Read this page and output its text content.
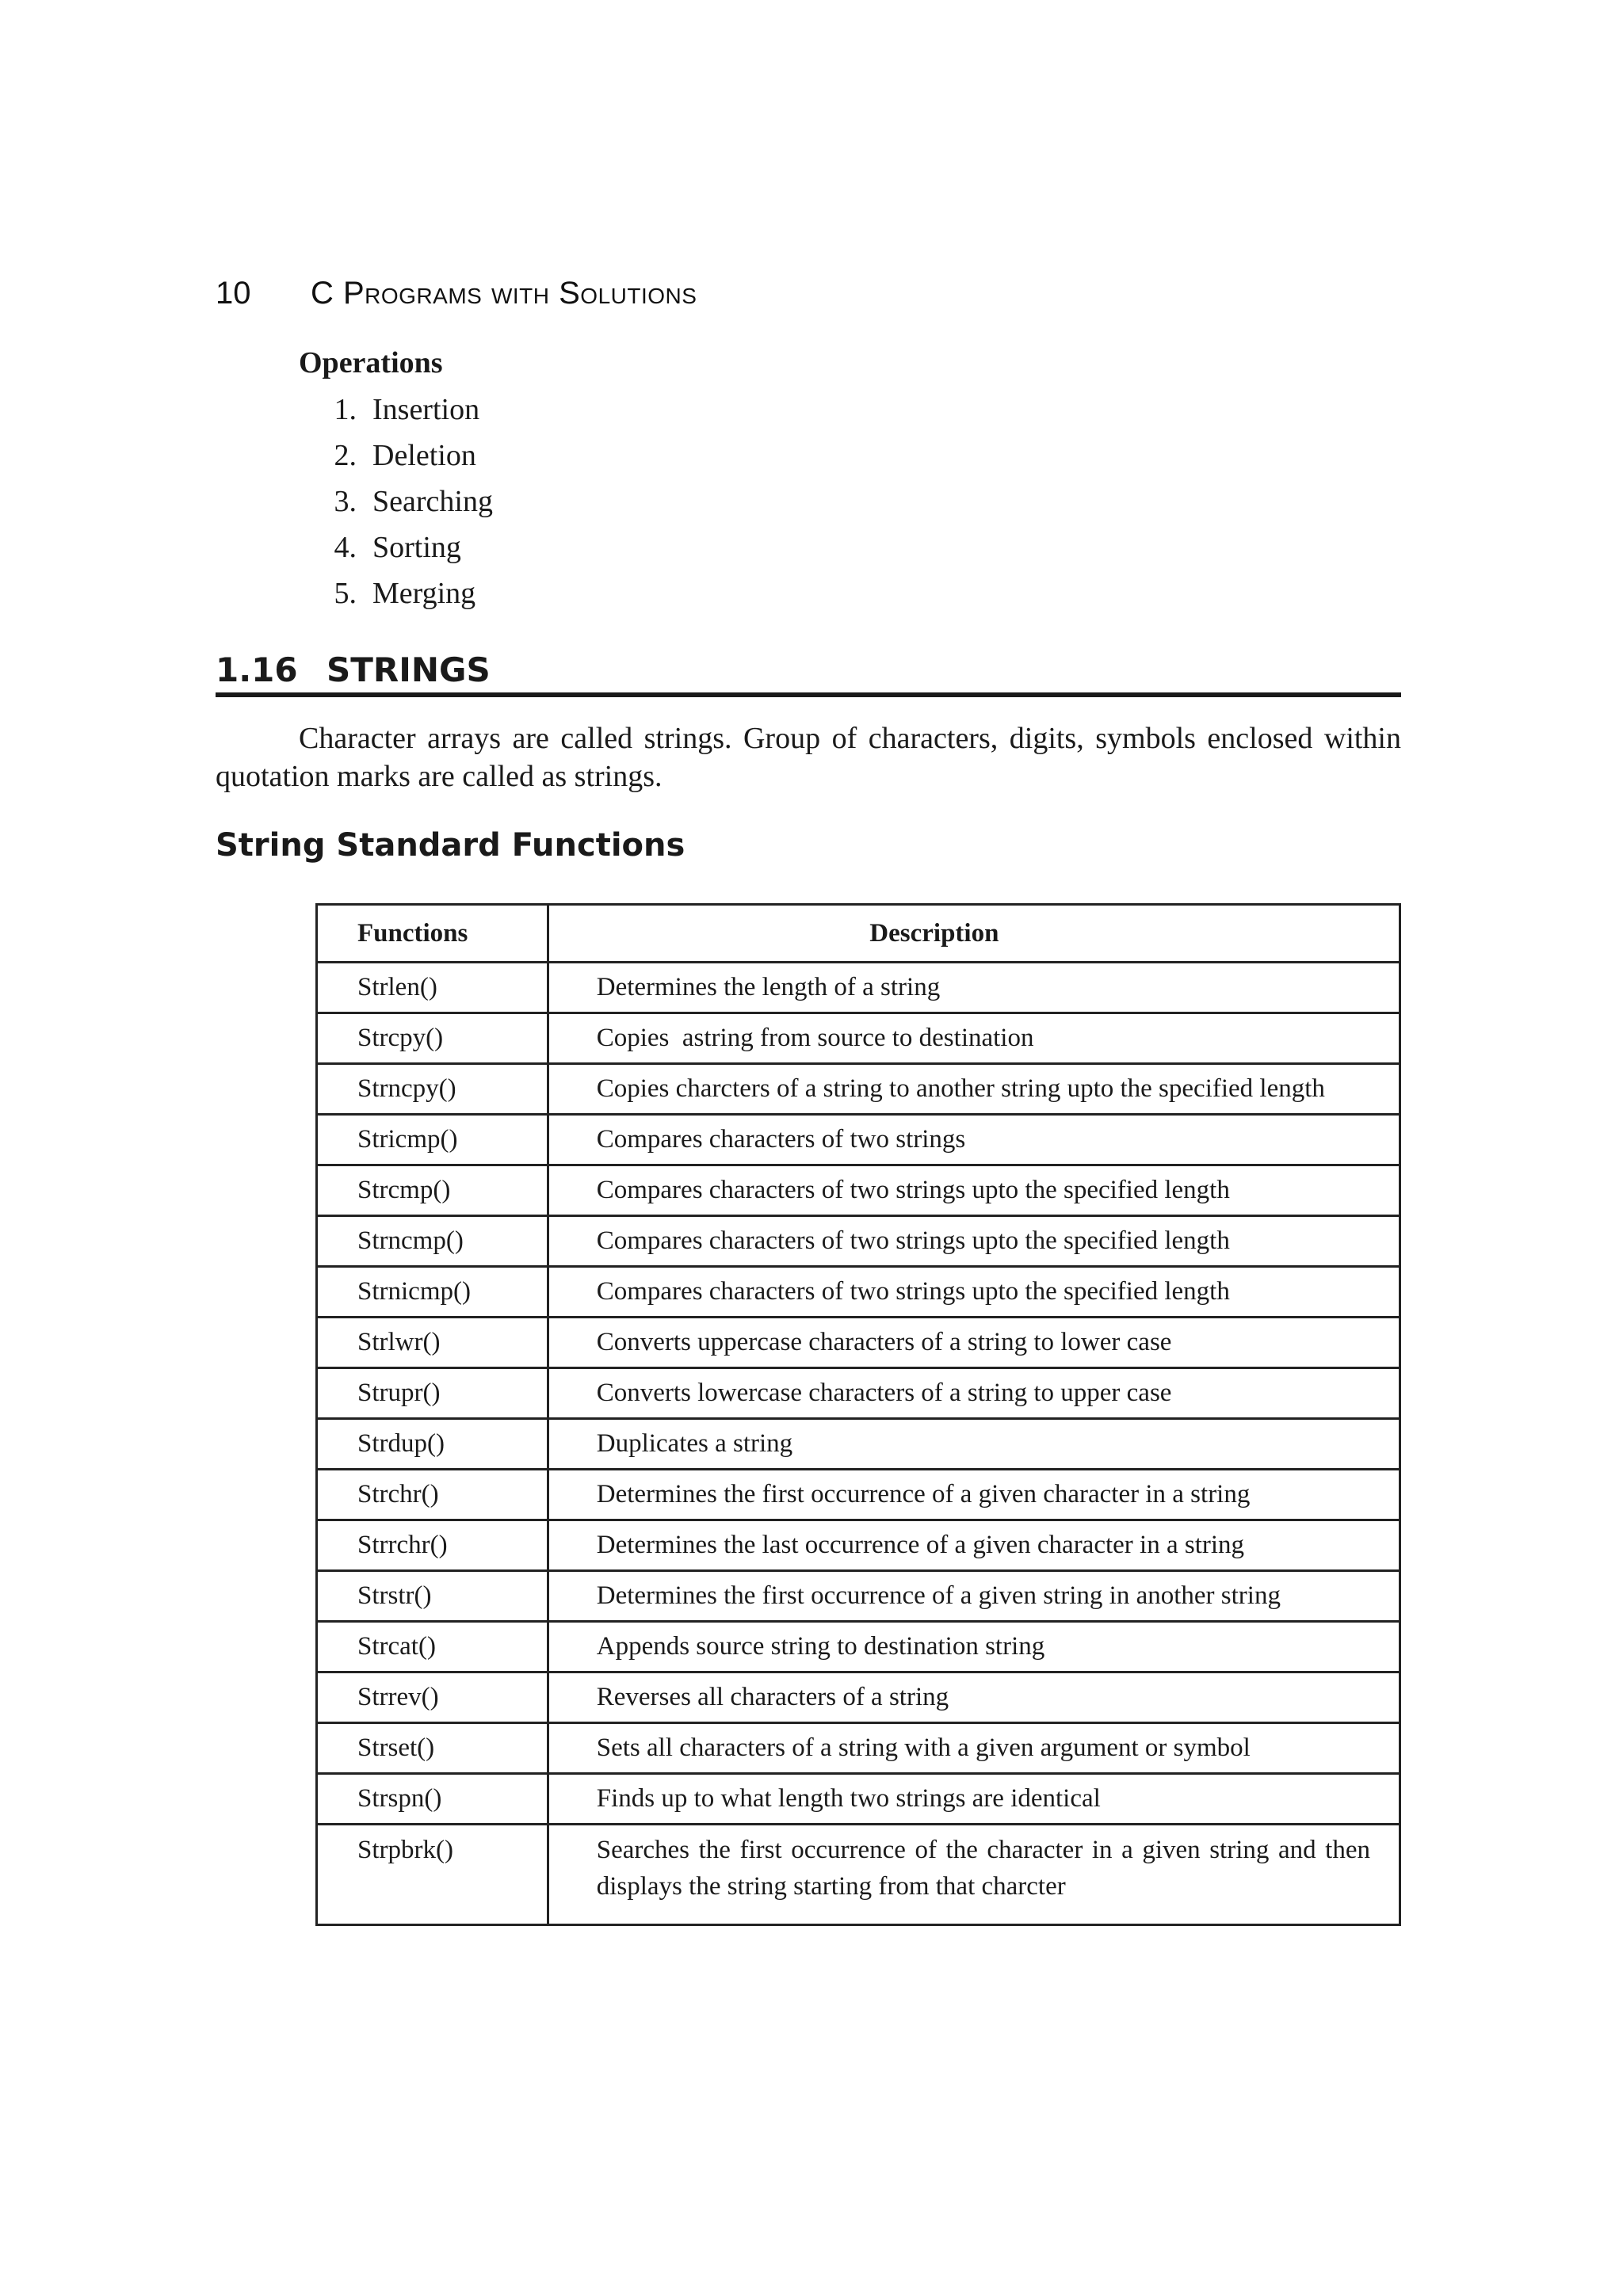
10	C Programs with Solutions
Operations
1. Insertion
2. Deletion
3. Searching
4. Sorting
5. Merging
1.16 STRINGS

Character arrays are called strings. Group of characters, digits, symbols enclosed within quotation marks are called as strings.

String Standard Functions
Functions	Description
Strlen()	Determines the length of a string
Strcpy()	Copies  astring from source to destination
Strncpy()	Copies charcters of a string to another string upto the specified length
Stricmp()	Compares characters of two strings
Strcmp()	Compares characters of two strings upto the specified length
Strncmp()	Compares characters of two strings upto the specified length
Strnicmp()	Compares characters of two strings upto the specified length
Strlwr()	Converts uppercase characters of a string to lower case
Strupr()	Converts lowercase characters of a string to upper case
Strdup()	Duplicates a string
Strchr()	Determines the first occurrence of a given character in a string
Strrchr()	Determines the last occurrence of a given character in a string
Strstr()	Determines the first occurrence of a given string in another string
Strcat()	Appends source string to destination string
Strrev()	Reverses all characters of a string
Strset()	Sets all characters of a string with a given argument or symbol
Strspn()	Finds up to what length two strings are identical
Strpbrk()	Searches the first occurrence of the character in a given string and then displays the string starting from that charcter
